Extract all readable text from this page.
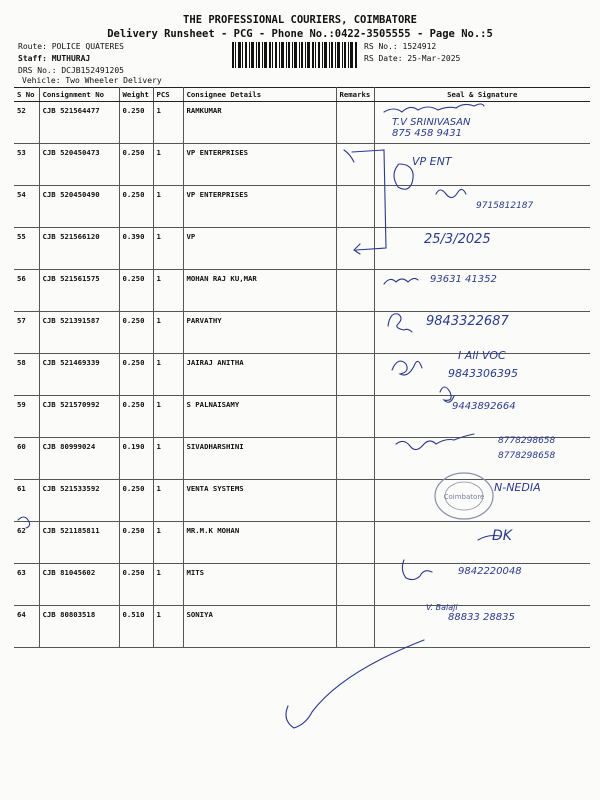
THE PROFESSIONAL COURIERS, COIMBATORE
Delivery Runsheet - PCG - Phone No.:0422-3505555 - Page No.:5
Route: POLICE QUATERES
Staff: MUTHURAJ
DRS No.: DCJB152491205
Vehicle: Two Wheeler Delivery
RS No.: 1524912
RS Date: 25-Mar-2025
S No	Consignment No	Weight	PCS	Consignee Details	Remarks	Seal & Signature
52	CJB 521564477	0.250	1	RAMKUMAR		
53	CJB 520450473	0.250	1	VP ENTERPRISES		
54	CJB 520450490	0.250	1	VP ENTERPRISES		
55	CJB 521566120	0.390	1	VP		
56	CJB 521561575	0.250	1	MOHAN RAJ KU,MAR		
57	CJB 521391587	0.250	1	PARVATHY		
58	CJB 521469339	0.250	1	JAIRAJ ANITHA		
59	CJB 521570992	0.250	1	S PALNAISAMY		
60	CJB 80999024	0.190	1	SIVADHARSHINI		
61	CJB 521533592	0.250	1	VENTA SYSTEMS		
62	CJB 521185811	0.250	1	MR.M.K MOHAN		
63	CJB 81045602	0.250	1	MITS		
64	CJB 80803518	0.510	1	SONIYA		
T.V SRINIVASAN
875 458 9431
VP ENT
9715812187
25/3/2025
93631 41352
9843322687
I All VOC
9843306395
9443892664
8778298658
8778298658
N-NEDIA
DK
9842220048
V. Balaji
88833 28835
Coimbatore
